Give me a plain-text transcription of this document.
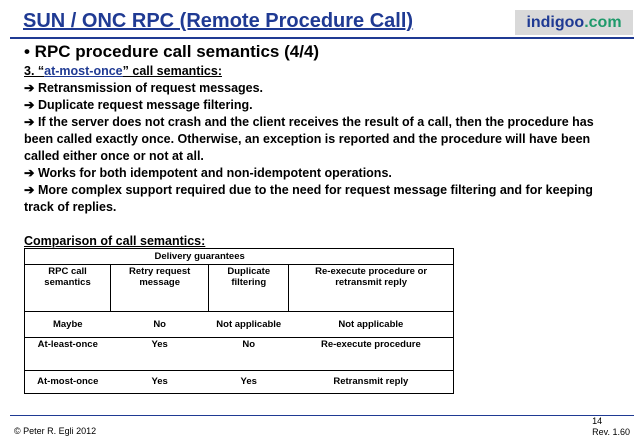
SUN / ONC RPC (Remote Procedure Call)	indigoo.com
• RPC procedure call semantics (4/4)
3. “at-most-once” call semantics:
➔ Retransmission of request messages.
➔ Duplicate request message filtering.
➔ If the server does not crash and the client receives the result of a call, then the procedure has been called exactly once. Otherwise, an exception is reported and the procedure will have been called either once or not at all.
➔ Works for both idempotent and non-idempotent operations.
➔ More complex support required due to the need for request message filtering and for keeping track of replies.
Comparison of call semantics:
	Delivery guarantees		
RPC call semantics	Retry request message	Duplicate filtering	Re-execute procedure or retransmit reply
Maybe	No	Not applicable	Not applicable
At-least-once	Yes	No	Re-execute procedure
At-most-once	Yes	Yes	Retransmit reply
© Peter R. Egli 2012
14
Rev. 1.60
